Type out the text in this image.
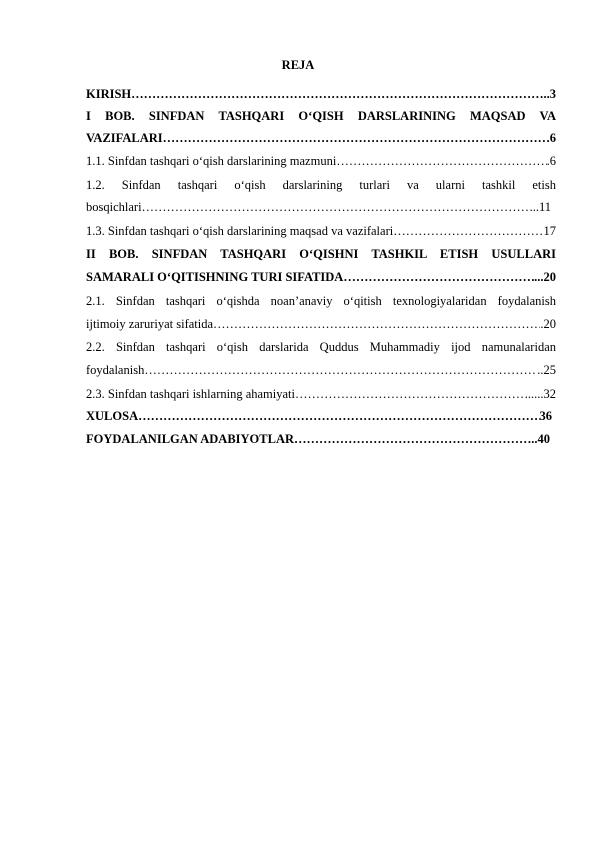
REJA
KIRISH ………………………………………………………………………………………………………………………………………………………………………………………………	..3
I BOB. SINFDAN TASHQARI O‘QISH DARSLARINING MAQSAD VA
VAZIFALARI ………………………………………………………………………………………………………………………………………………………………………………………………	6
1.1. Sinfdan tashqari o‘qish darslarining mazmuni ………………………………………………………………………………………………………………………………………………………………………………………………	.6
1.2. Sinfdan tashqari o‘qish darslarining turlari va ularni tashkil etish
bosqichlari ………………………………………………………………………………………………………………………………………………………………………………………………	...11
1.3. Sinfdan tashqari o‘qish darslarining maqsad va vazifalari ………………………………………………………………………………………………………………………………………………………………………………………………	17
II BOB. SINFDAN TASHQARI O‘QISHNI TASHKIL ETISH USULLARI
SAMARALI O‘QITISHNING TURI SIFATIDA ………………………………………………………………………………………………………………………………………………………………………………………………	...20
2.1. Sinfdan tashqari o‘qishda noan’anaviy o‘qitish texnologiyalaridan foydalanish
ijtimoiy zaruriyat sifatida ………………………………………………………………………………………………………………………………………………………………………………………………	.20
2.2. Sinfdan tashqari o‘qish darslarida Quddus Muhammadiy ijod namunalaridan
foydalanish ………………………………………………………………………………………………………………………………………………………………………………………………	..25
2.3. Sinfdan tashqari ishlarning ahamiyati ………………………………………………………………………………………………………………………………………………………………………………………………	......32
XULOSA ………………………………………………………………………………………………………………………………………………………………………………………………	36
FOYDALANILGAN ADABIYOTLAR ………………………………………………………………………………………………………………………………………………………………………………………………	..40
